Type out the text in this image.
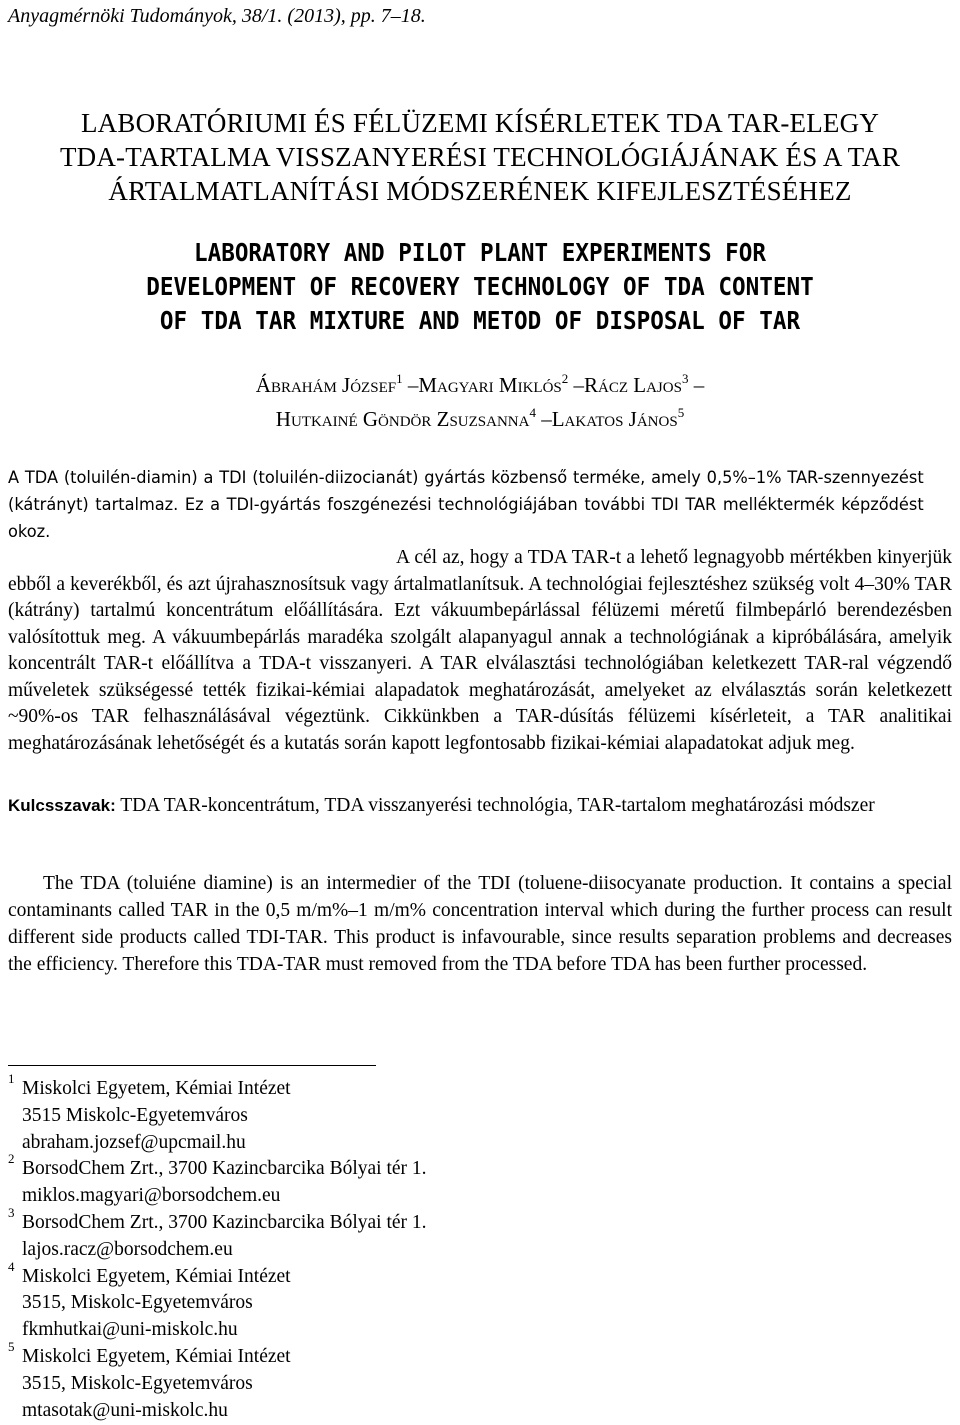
Anyagmérnöki Tudományok, 38/1. (2013), pp. 7–18.
LABORATÓRIUMI ÉS FÉLÜZEMI KÍSÉRLETEK TDA TAR-ELEGY
TDA-TARTALMA VISSZANYERÉSI TECHNOLÓGIÁJÁNAK ÉS A TAR
ÁRTALMATLANÍTÁSI MÓDSZERÉNEK KIFEJLESZTÉSÉHEZ
LABORATORY AND PILOT PLANT EXPERIMENTS FOR
DEVELOPMENT OF RECOVERY TECHNOLOGY OF TDA CONTENT
OF TDA TAR MIXTURE AND METOD OF DISPOSAL OF TAR
Ábrahám József$^1$ –Magyari Miklós$^2$ –Rácz Lajos$^3$ –
Hutkainé Göndör Zsuzsanna$^4$ –Lakatos János$^5$
A TDA (toluilén-diamin) a TDI (toluilén-diizocianát) gyártás közbenső terméke, amely 0,5%–1% TAR-szennyezést (kátrányt) tartalmaz. Ez a TDI-gyártás foszgénezési technológiájában további TDI TAR melléktermék képződést okoz.
A cél az, hogy a TDA TAR-t a lehető legnagyobb mértékben kinyerjük ebből a keverékből, és azt újrahasznosítsuk vagy ártalmatlanítsuk. A technológiai fejlesztéshez szükség volt 4–30% TAR (kátrány) tartalmú koncentrátum előállítására. Ezt vákuumbepárlással félüzemi méretű filmbepárló berendezésben valósítottuk meg. A vákuumbepárlás maradéka szolgált alapanyagul annak a technológiának a kipróbálására, amelyik koncentrált TAR-t előállítva a TDA-t visszanyeri. A TAR elválasztási technológiában keletkezett TAR-ral végzendő műveletek szükségessé tették fizikai-kémiai alapadatok meghatározását, amelyeket az elválasztás során keletkezett ~90%-os TAR felhasználásával végeztünk. Cikkünkben a TAR-dúsítás félüzemi kísérleteit, a TAR analitikai meghatározásának lehetőségét és a kutatás során kapott legfontosabb fizikai-kémiai alapadatokat adjuk meg.
Kulcsszavak: TDA TAR-koncentrátum, TDA visszanyerési technológia, TAR-tartalom meghatározási módszer
The TDA (toluiéne diamine) is an intermedier of the TDI (toluene-diisocyanate production. It contains a special contaminants called TAR in the 0,5 m/m%–1 m/m% concentration interval which during the further process can result different side products called TDI-TAR. This product is infavourable, since results separation problems and decreases the efficiency. Therefore this TDA-TAR must removed from the TDA before TDA has been further processed.
1 Miskolci Egyetem, Kémiai Intézet
3515 Miskolc-Egyetemváros
abraham.jozsef@upcmail.hu
2 BorsodChem Zrt., 3700 Kazincbarcika Bólyai tér 1.
miklos.magyari@borsodchem.eu
3 BorsodChem Zrt., 3700 Kazincbarcika Bólyai tér 1.
lajos.racz@borsodchem.eu
4 Miskolci Egyetem, Kémiai Intézet
3515, Miskolc-Egyetemváros
fkmhutkai@uni-miskolc.hu
5 Miskolci Egyetem, Kémiai Intézet
3515, Miskolc-Egyetemváros
mtasotak@uni-miskolc.hu
